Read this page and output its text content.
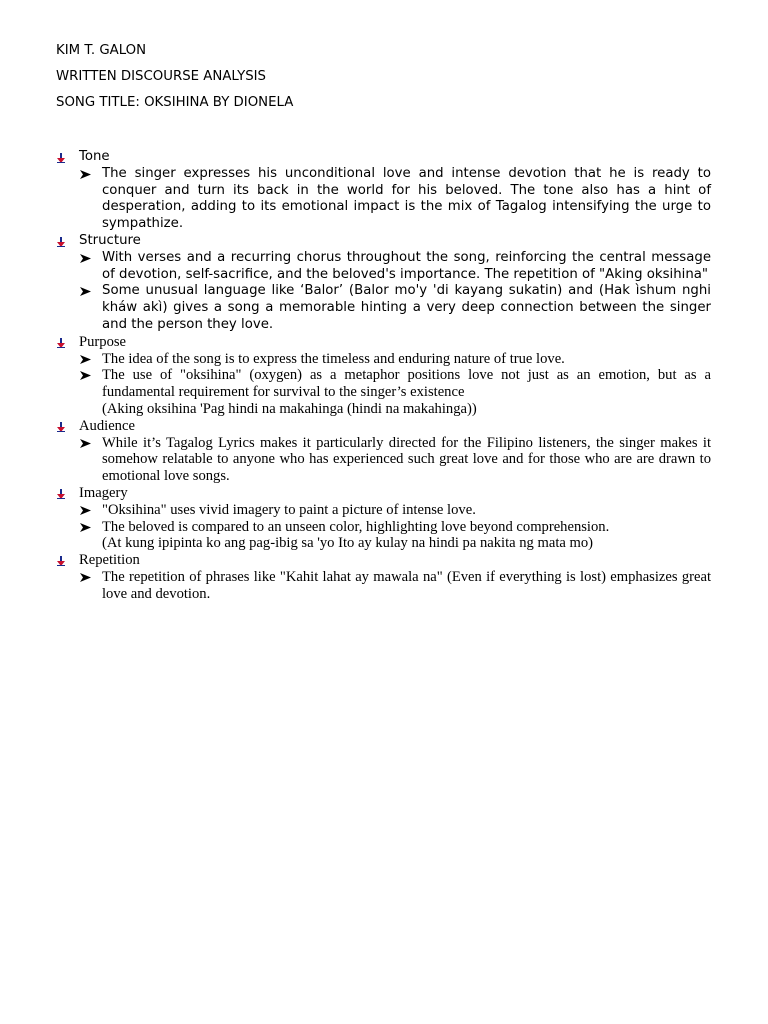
KIM T. GALON
WRITTEN DISCOURSE ANALYSIS
SONG TITLE: OKSIHINA BY DIONELA
Tone
The singer expresses his unconditional love and intense devotion that he is ready to conquer and turn its back in the world for his beloved. The tone also has a hint of desperation, adding to its emotional impact is the mix of Tagalog intensifying the urge to sympathize.
Structure
With verses and a recurring chorus throughout the song, reinforcing the central message of devotion, self-sacrifice, and the beloved's importance. The repetition of "Aking oksihina"
Some unusual language like ‘Balor’ (Balor mo'y 'di kayang sukatin) and (Hak ìshum nghi kháw akì) gives a song a memorable hinting a very deep connection between the singer and the person they love.
Purpose
The idea of the song is to express the timeless and enduring nature of true love.
The use of "oksihina" (oxygen) as a metaphor positions love not just as an emotion, but as a fundamental requirement for survival to the singer’s existence
(Aking oksihina 'Pag hindi na makahinga (hindi na makahinga))
Audience
While it’s Tagalog Lyrics makes it particularly directed for the Filipino listeners, the singer makes it somehow relatable to anyone who has experienced such great love and for those who are are drawn to emotional love songs.
Imagery
"Oksihina" uses vivid imagery to paint a picture of intense love.
The beloved is compared to an unseen color, highlighting love beyond comprehension.
(At kung ipipinta ko ang pag-ibig sa 'yo Ito ay kulay na hindi pa nakita ng mata mo)
Repetition
The repetition of phrases like "Kahit lahat ay mawala na" (Even if everything is lost) emphasizes great love and devotion.
